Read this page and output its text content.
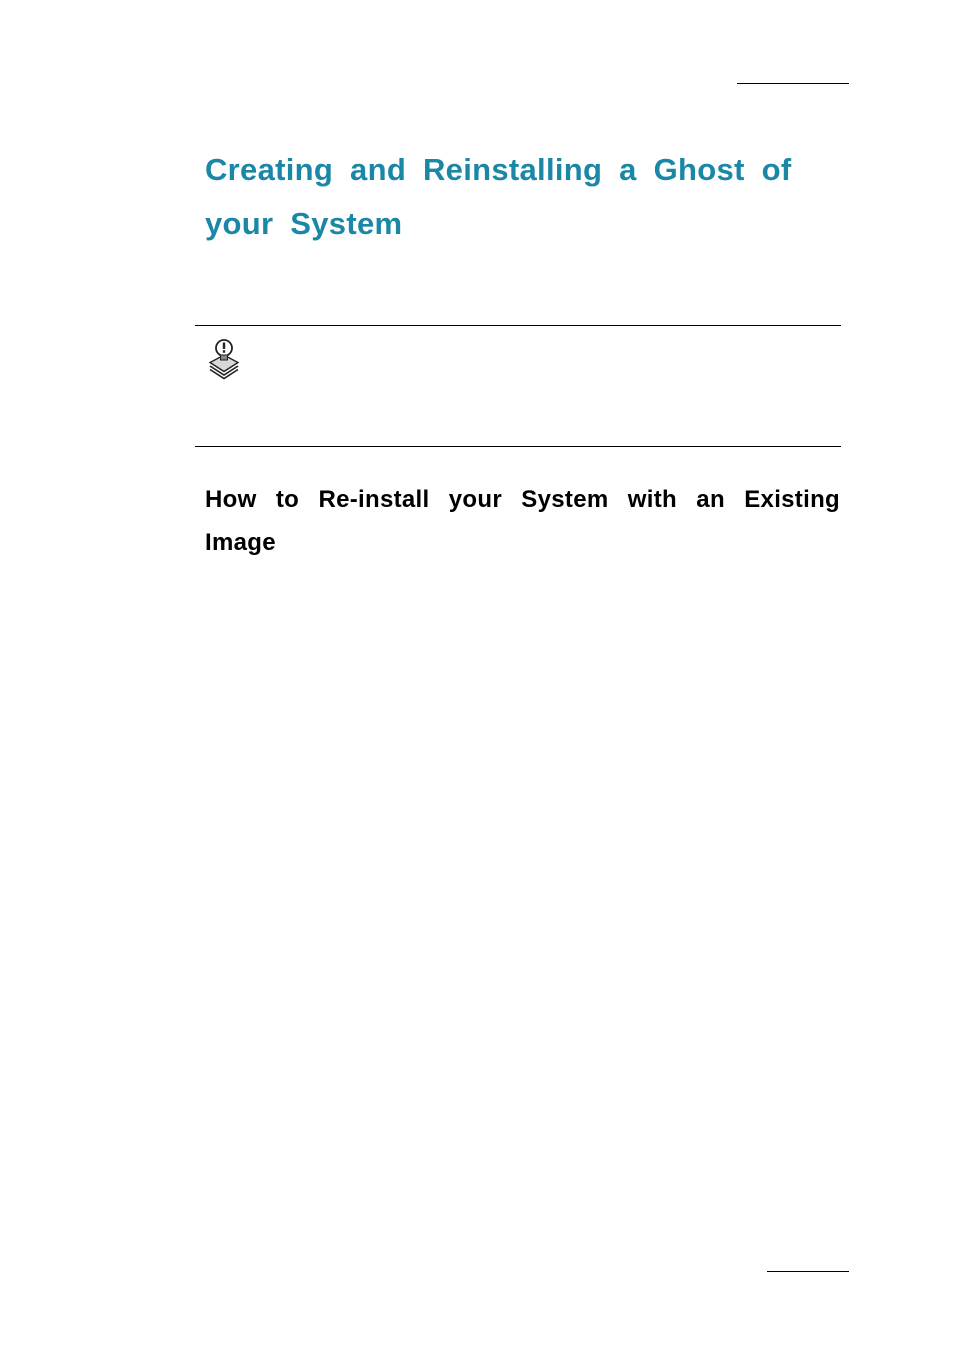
Creating and Reinstalling a Ghost of your System
How to Re-install your System with an Existing Image
